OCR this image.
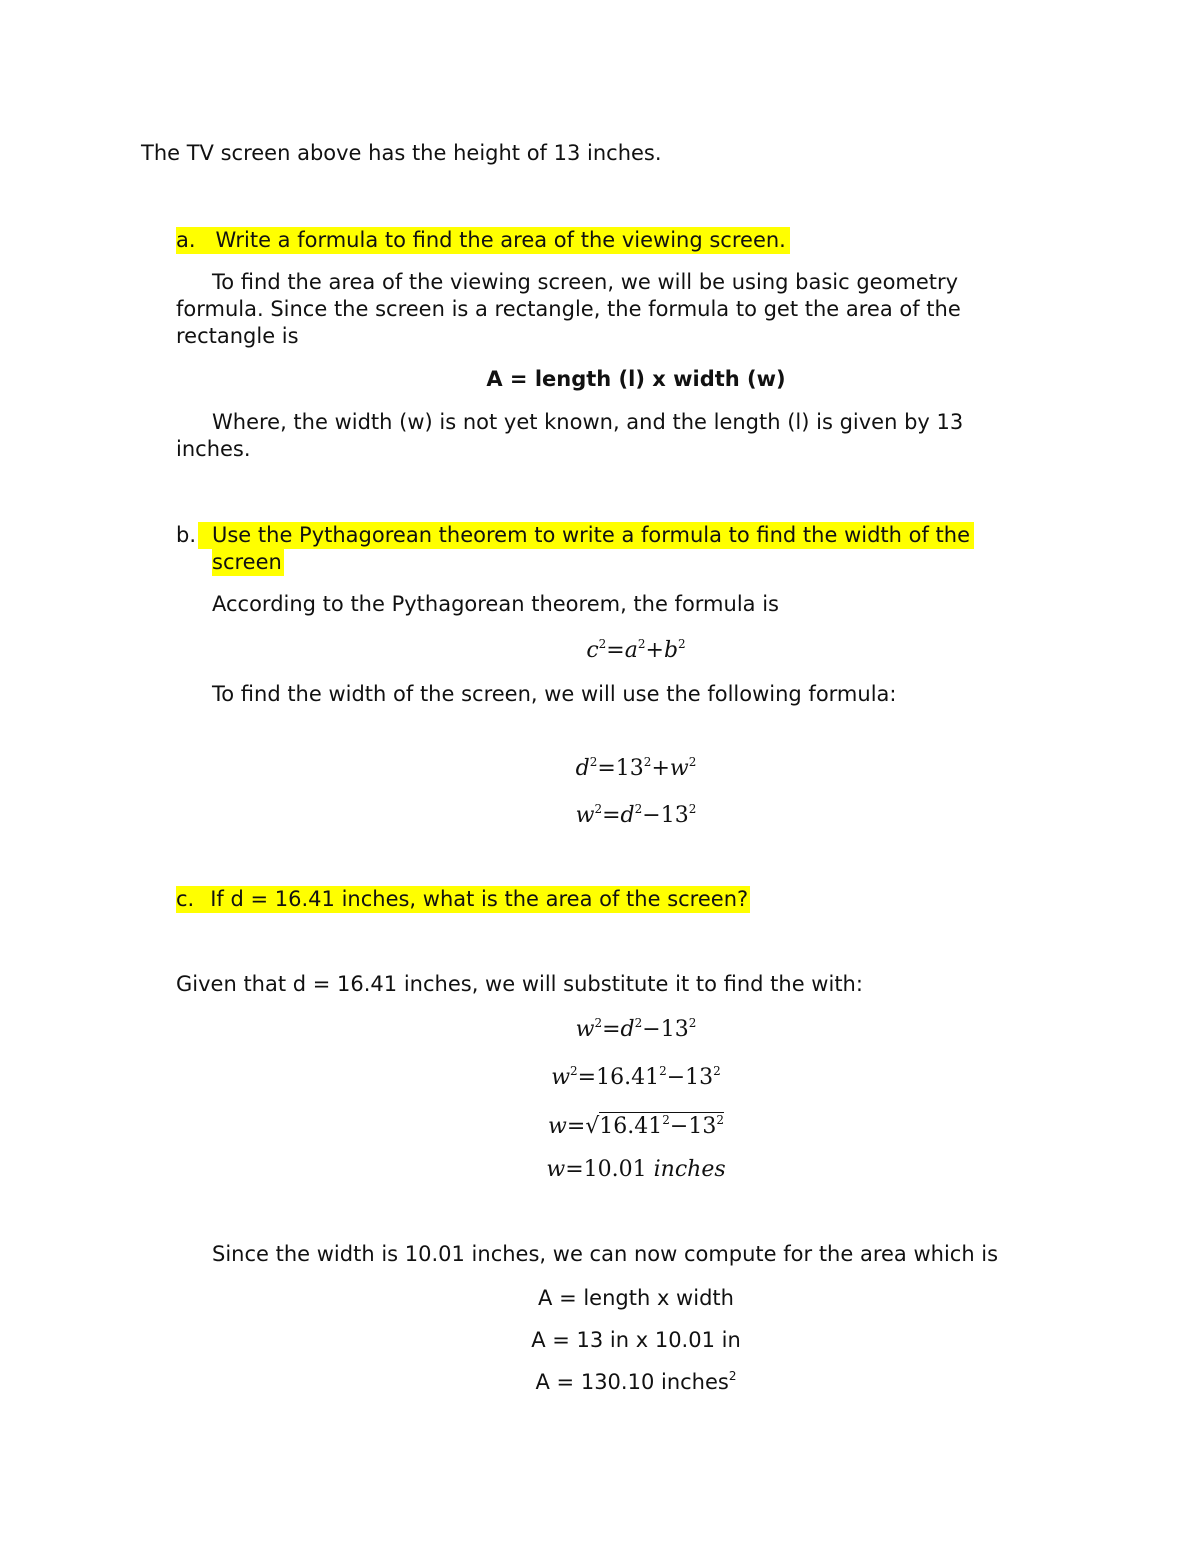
The TV screen above has the height of 13 inches.
a. Write a formula to find the area of the viewing screen.
To find the area of the viewing screen, we will be using basic geometry
formula. Since the screen is a rectangle, the formula to get the area of the
rectangle is
A = length (l) x width (w)
Where, the width (w) is not yet known, and the length (l) is given by 13
inches.
b. Use the Pythagorean theorem to write a formula to find the width of the
screen
According to the Pythagorean theorem, the formula is
$c^2=a^2+b^2$
To find the width of the screen, we will use the following formula:
$d^2=13^2+w^2$
$w^2=d^2-13^2$
c. If d = 16.41 inches, what is the area of the screen?
Given that d = 16.41 inches, we will substitute it to find the with:
$w^2=d^2-13^2$
$w^2=16.41^2-13^2$
$w=√16.41^2-13^2$
w=10.01 inches
Since the width is 10.01 inches, we can now compute for the area which is
A = length x width
A = 13 in x 10.01 in
A = 130.10 inches$^2$
